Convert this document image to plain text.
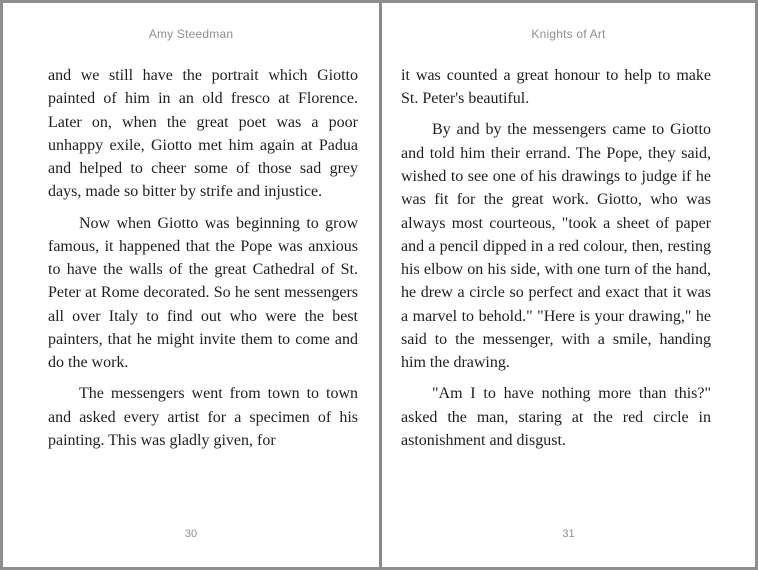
Amy Steedman

and we still have the portrait which Giotto painted of him in an old fresco at Florence. Later on, when the great poet was a poor unhappy exile, Giotto met him again at Padua and helped to cheer some of those sad grey days, made so bitter by strife and injustice.

Now when Giotto was beginning to grow famous, it happened that the Pope was anxious to have the walls of the great Cathedral of St. Peter at Rome decorated. So he sent messengers all over Italy to find out who were the best painters, that he might invite them to come and do the work.

The messengers went from town to town and asked every artist for a specimen of his painting. This was gladly given, for

30
Knights of Art

it was counted a great honour to help to make St. Peter's beautiful.

By and by the messengers came to Giotto and told him their errand. The Pope, they said, wished to see one of his drawings to judge if he was fit for the great work. Giotto, who was always most courteous, "took a sheet of paper and a pencil dipped in a red colour, then, resting his elbow on his side, with one turn of the hand, he drew a circle so perfect and exact that it was a marvel to behold." "Here is your drawing," he said to the messenger, with a smile, handing him the drawing.

"Am I to have nothing more than this?" asked the man, staring at the red circle in astonishment and disgust.

31
